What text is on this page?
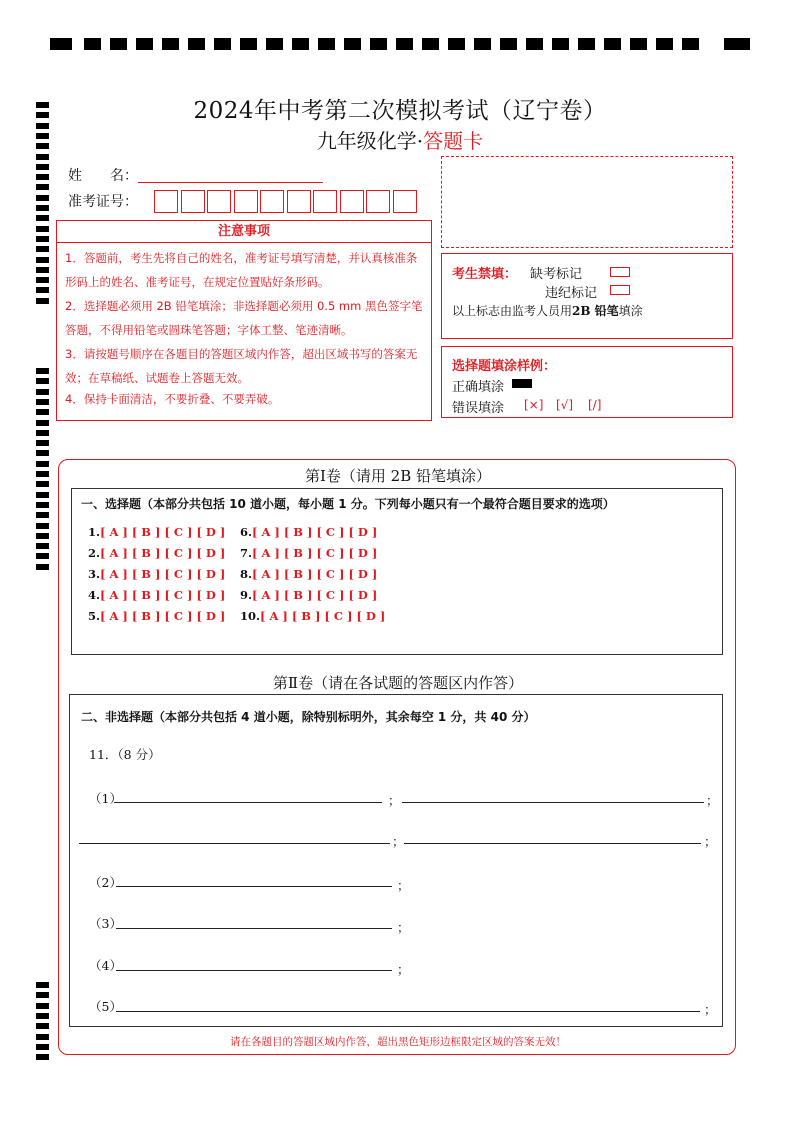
2024年中考第二次模拟考试（辽宁卷）
九年级化学·答题卡
姓　　名：
准考证号：
注意事项
1．答题前，考生先将自己的姓名，准考证号填写清楚，并认真核准条形码上的姓名、准考证号，在规定位置贴好条形码。
2．选择题必须用 2B 铅笔填涂；非选择题必须用 0.5 mm 黑色签字笔答题，不得用铅笔或圆珠笔答题；字体工整、笔迹清晰。
3．请按题号顺序在各题目的答题区域内作答，超出区域书写的答案无效；在草稿纸、试题卷上答题无效。
4．保持卡面清洁，不要折叠、不要弄破。
考生禁填： 缺考标记
违纪标记
以上标志由监考人员用2B 铅笔填涂
选择题填涂样例：
正确填涂
错误填涂 [×] [√] [/]
第Ⅰ卷（请用 2B 铅笔填涂）
一、选择题（本部分共包括 10 道小题，每小题 1 分。下列每小题只有一个最符合题目要求的选项）
1.[ A ] [ B ] [ C ] [ D ]
2.[ A ] [ B ] [ C ] [ D ]
3.[ A ] [ B ] [ C ] [ D ]
4.[ A ] [ B ] [ C ] [ D ]
5.[ A ] [ B ] [ C ] [ D ]
6.[ A ] [ B ] [ C ] [ D ]
7.[ A ] [ B ] [ C ] [ D ]
8.[ A ] [ B ] [ C ] [ D ]
9.[ A ] [ B ] [ C ] [ D ]
10.[ A ] [ B ] [ C ] [ D ]
第Ⅱ卷（请在各试题的答题区内作答）
二、非选择题（本部分共包括 4 道小题，除特别标明外，其余每空 1 分，共 40 分）
11．（8 分）
（1）	；	；
；	；
（2）	；
（3）	；
（4）	；
（5）	；
请在各题目的答题区域内作答，超出黑色矩形边框限定区域的答案无效！
